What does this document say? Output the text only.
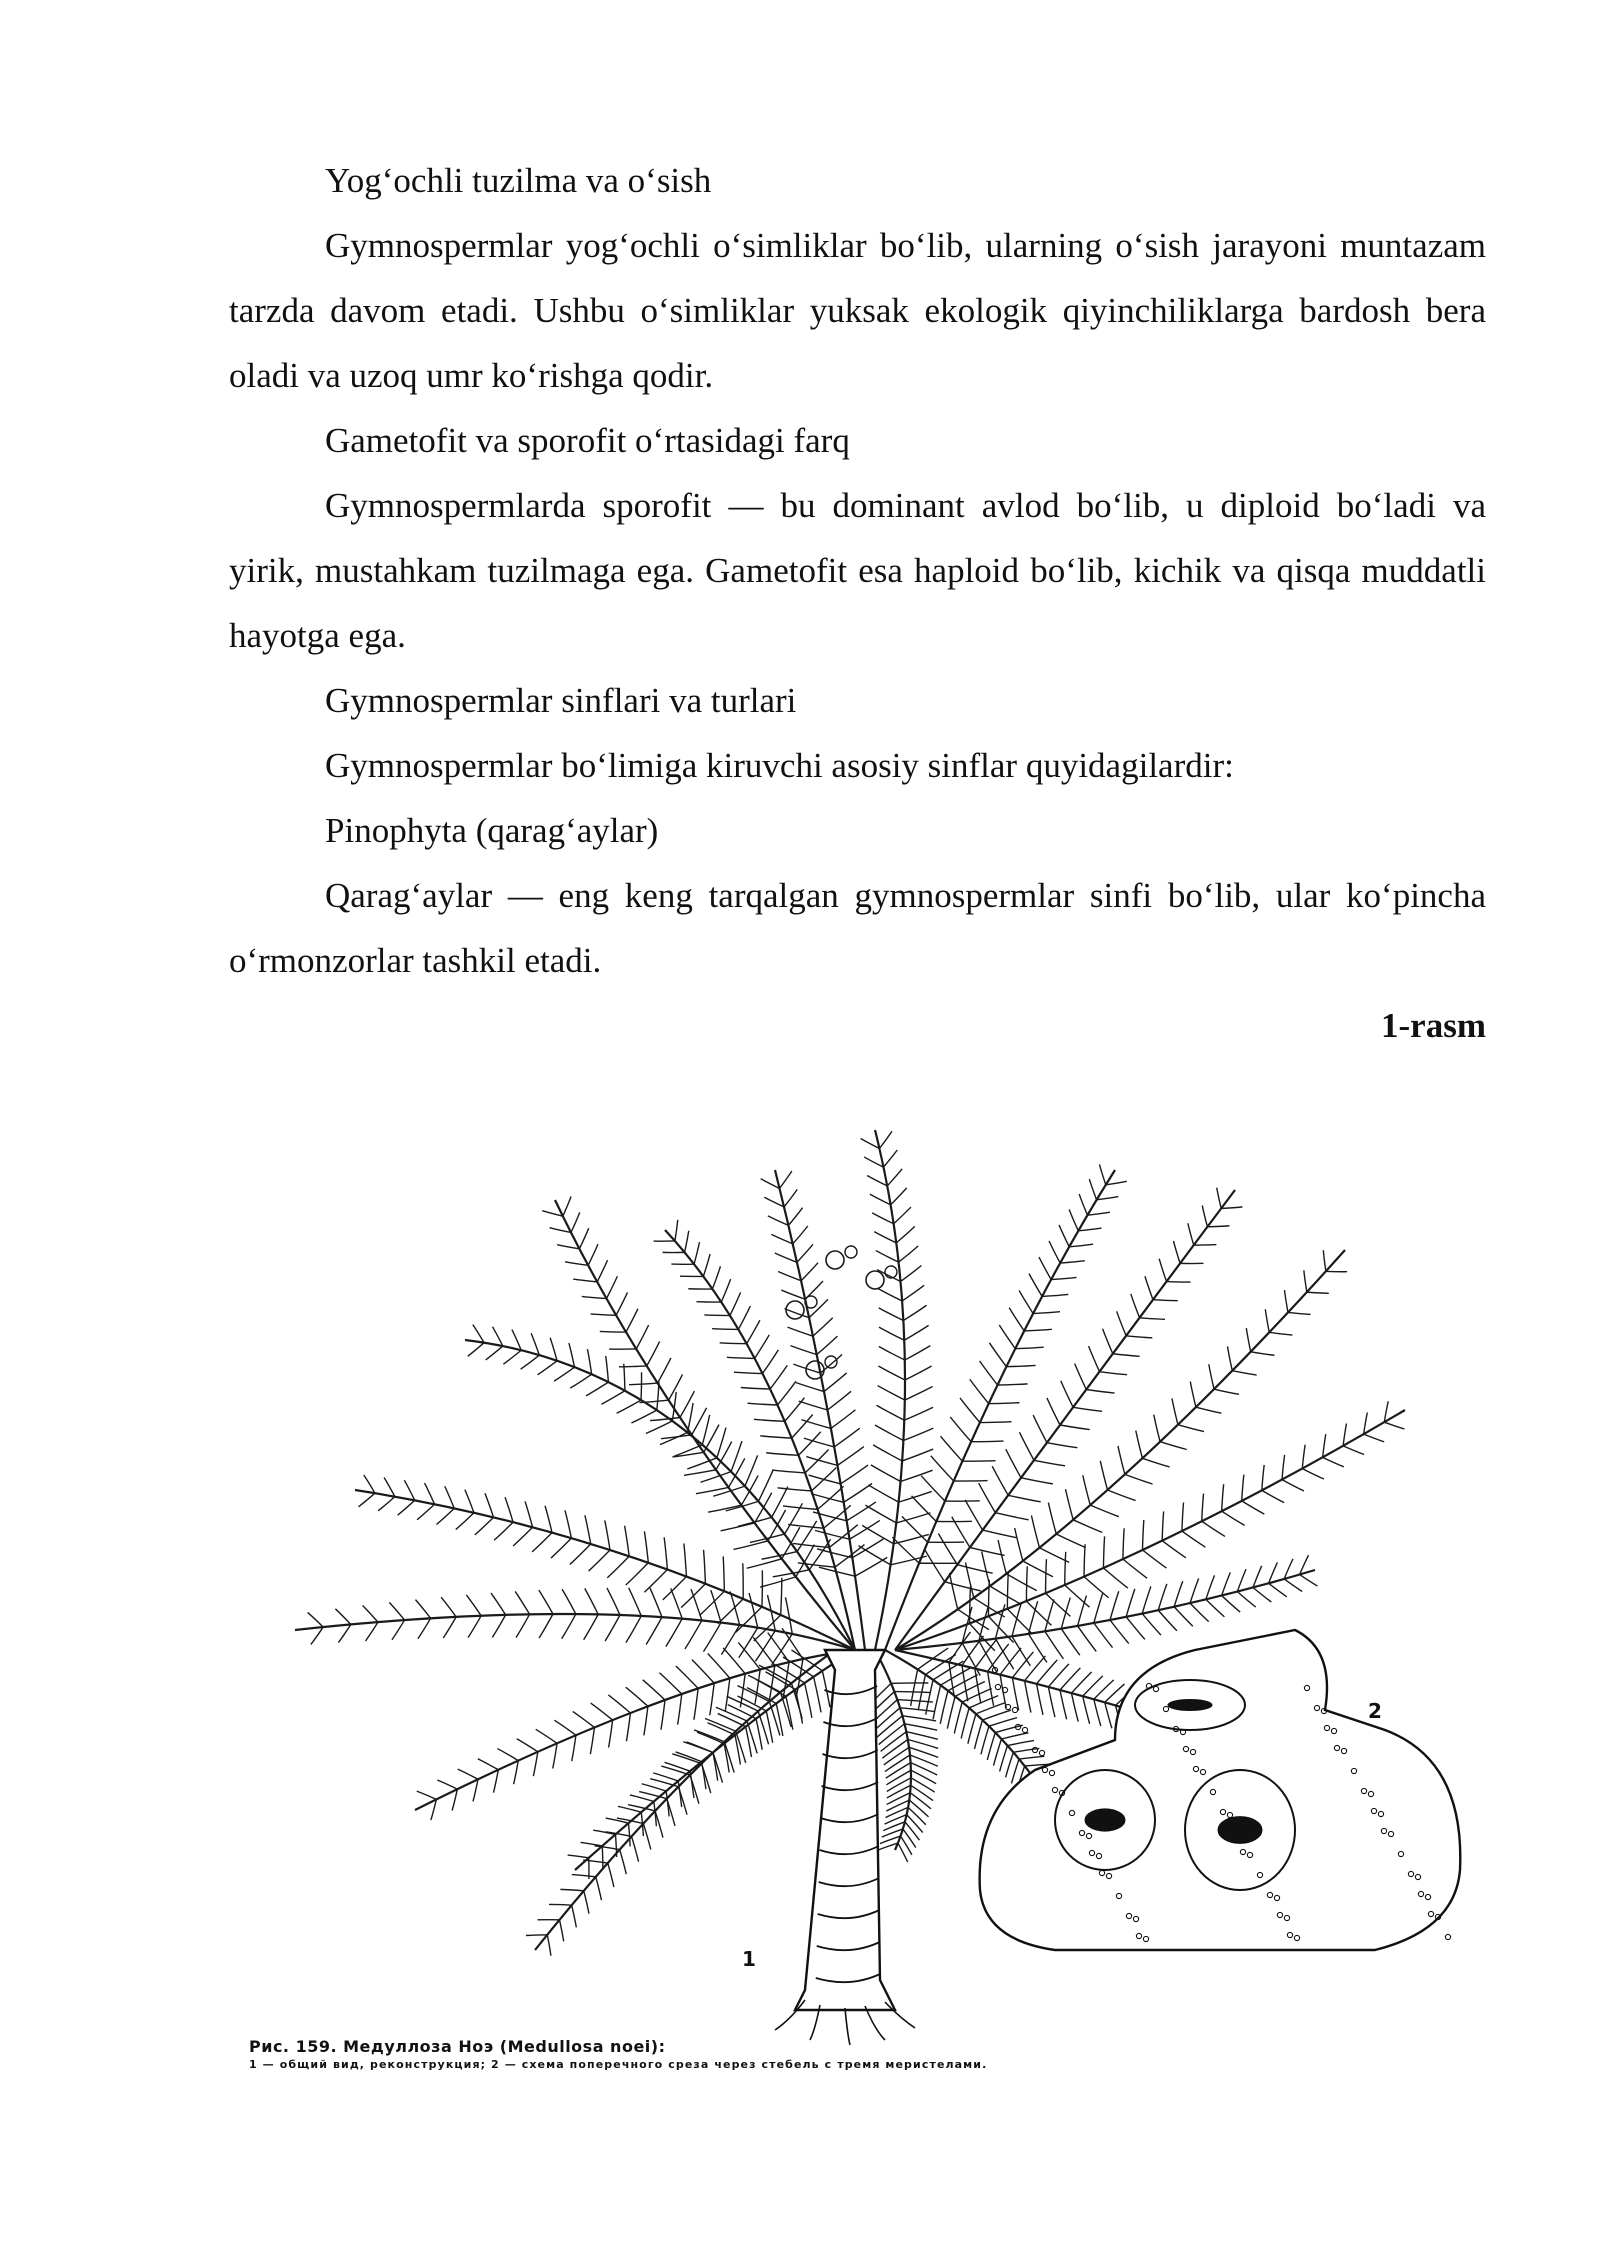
Yog‘ochli tuzilma va o‘sish

Gymnospermlar yog‘ochli o‘simliklar bo‘lib, ularning o‘sish jarayoni muntazam tarzda davom etadi. Ushbu o‘simliklar yuksak ekologik qiyinchiliklarga bardosh bera oladi va uzoq umr ko‘rishga qodir.

Gametofit va sporofit o‘rtasidagi farq

Gymnospermlarda sporofit — bu dominant avlod bo‘lib, u diploid bo‘ladi va yirik, mustahkam tuzilmaga ega. Gametofit esa haploid bo‘lib, kichik va qisqa muddatli hayotga ega.

Gymnospermlar sinflari va turlari

Gymnospermlar bo‘limiga kiruvchi asosiy sinflar quyidagilardir:

Pinophyta (qarag‘aylar)

Qarag‘aylar — eng keng tarqalgan gymnospermlar sinfi bo‘lib, ular ko‘pincha o‘rmonzorlar tashkil etadi.

1-rasm

1
2
Рис. 159. Медуллоза Ноэ (Medullosa noei):
1 — общий вид, реконструкция; 2 — схема поперечного среза через стебель с тремя меристелами.
